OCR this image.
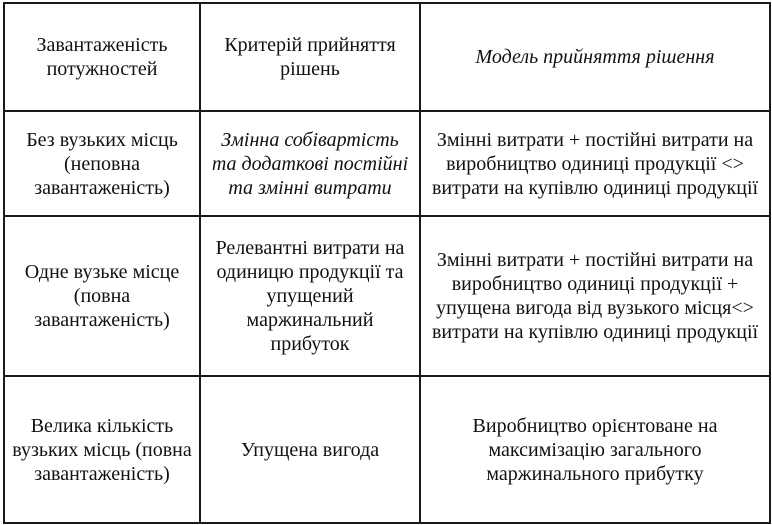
Завантаженість потужностей	Критерій прийняття рішень	Модель прийняття рішення
Без вузьких місць (неповна завантаженість)	Змінна собівартість та додаткові постійні та змінні витрати	Змінні витрати + постійні витрати на виробництво одиниці продукції <> витрати на купівлю одиниці продукції
Одне вузьке місце (повна завантаженість)	Релевантні витрати на одиницю продукції та упущений маржинальний прибуток	Змінні витрати + постійні витрати на виробництво одиниці продукції + упущена вигода від вузького місця<> витрати на купівлю одиниці продукції
Велика кількість вузьких місць (повна завантаженість)	Упущена вигода	Виробництво орієнтоване на максимізацію загального маржинального прибутку
